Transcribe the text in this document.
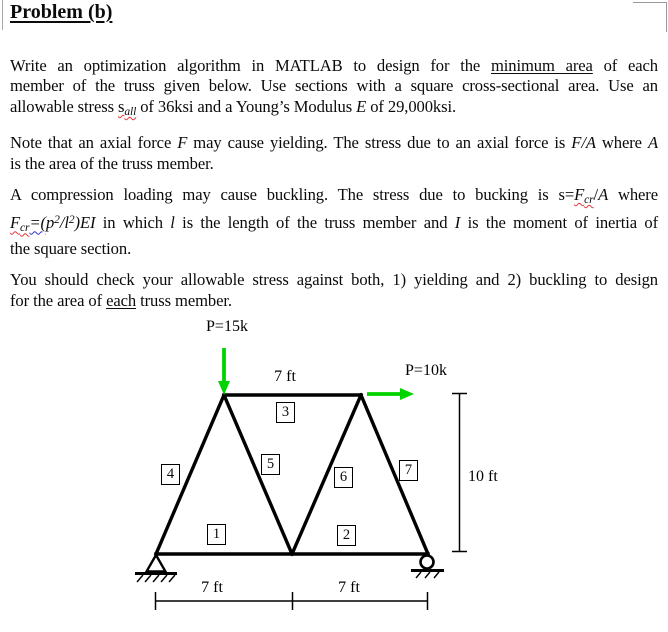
Problem (b)
Write an optimization algorithm in MATLAB to design for the minimum area of each
member of the truss given below. Use sections with a square cross-sectional area. Use an
allowable stress $s_{all}$ of 36ksi and a Young’s Modulus E of 29,000ksi.
Note that an axial force F may cause yielding. The stress due to an axial force is F/A where A
is the area of the truss member.
A compression loading may cause buckling. The stress due to bucking is $s=F_{cr}/A$ where
$F_{cr}=(p^2/l^2)EI$ in which l is the length of the truss member and I is the moment of inertia of
the square section.
You should check your allowable stress against both, 1) yielding and 2) buckling to design
for the area of each truss member.
P=15k
P=10k
7 ft
10 ft
7 ft	7 ft
1	2
3
4
5
6	7
